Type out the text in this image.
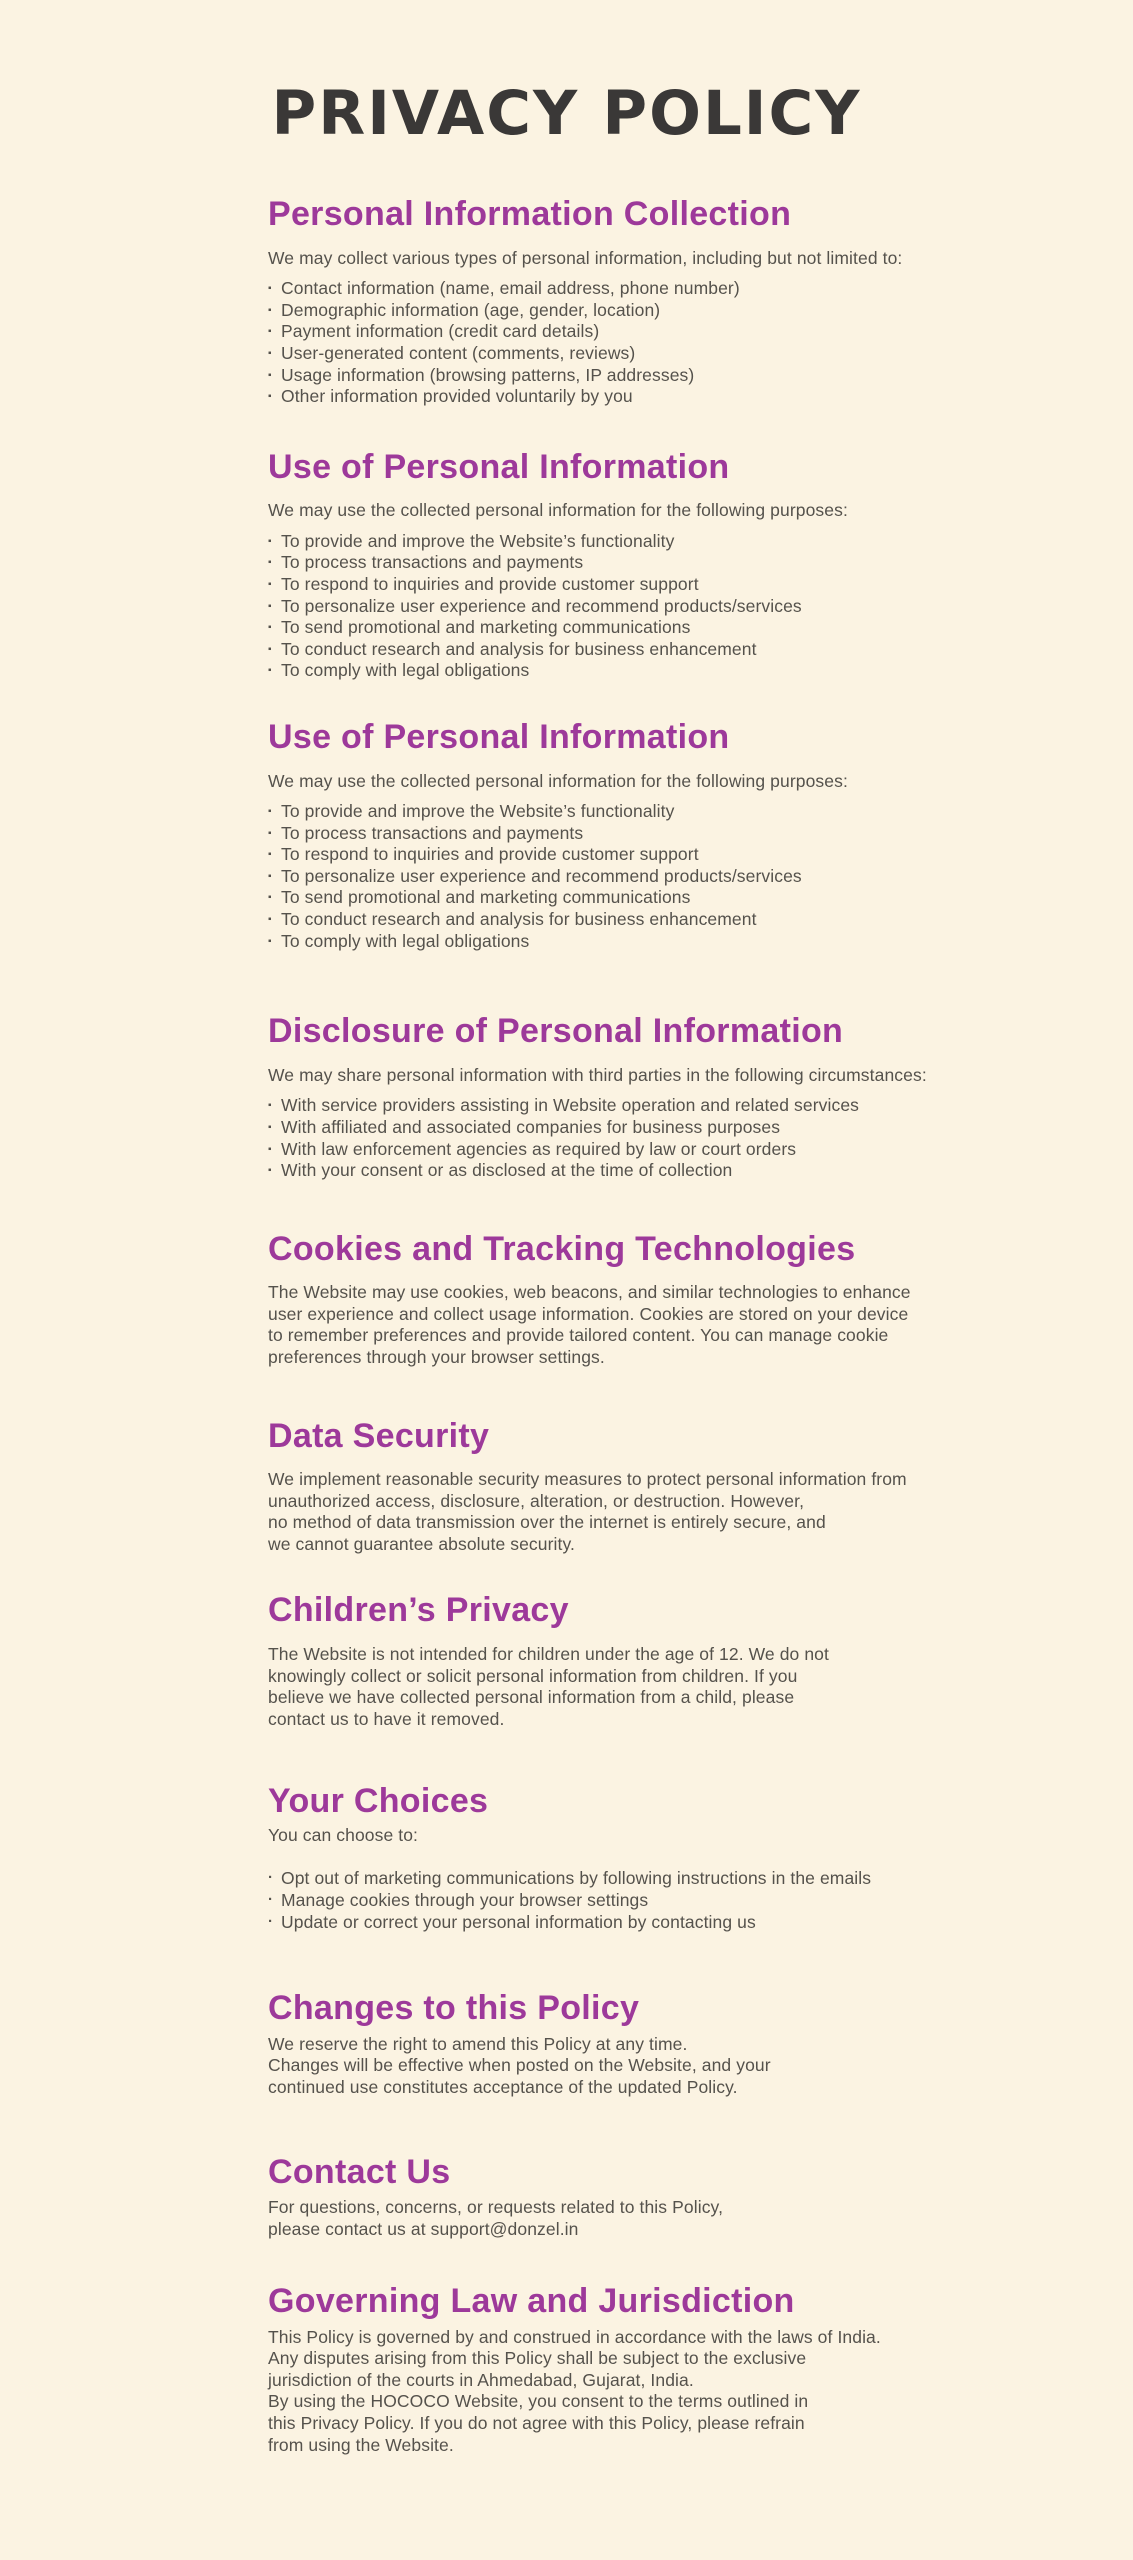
PRIVACY POLICY
Personal Information Collection

We may collect various types of personal information, including but not limited to:

▪ Contact information (name, email address, phone number)
▪ Demographic information (age, gender, location)
▪ Payment information (credit card details)
▪ User-generated content (comments, reviews)
▪ Usage information (browsing patterns, IP addresses)
▪ Other information provided voluntarily by you
Use of Personal Information

We may use the collected personal information for the following purposes:

▪ To provide and improve the Website’s functionality
▪ To process transactions and payments
▪ To respond to inquiries and provide customer support
▪ To personalize user experience and recommend products/services
▪ To send promotional and marketing communications
▪ To conduct research and analysis for business enhancement
▪ To comply with legal obligations
Use of Personal Information

We may use the collected personal information for the following purposes:

▪ To provide and improve the Website’s functionality
▪ To process transactions and payments
▪ To respond to inquiries and provide customer support
▪ To personalize user experience and recommend products/services
▪ To send promotional and marketing communications
▪ To conduct research and analysis for business enhancement
▪ To comply with legal obligations
Disclosure of Personal Information

We may share personal information with third parties in the following circumstances:

▪ With service providers assisting in Website operation and related services
▪ With affiliated and associated companies for business purposes
▪ With law enforcement agencies as required by law or court orders
▪ With your consent or as disclosed at the time of collection
Cookies and Tracking Technologies
The Website may use cookies, web beacons, and similar technologies to enhance
user experience and collect usage information. Cookies are stored on your device
to remember preferences and provide tailored content. You can manage cookie
preferences through your browser settings.
Data Security
We implement reasonable security measures to protect personal information from
unauthorized access, disclosure, alteration, or destruction. However,
no method of data transmission over the internet is entirely secure, and
we cannot guarantee absolute security.
Children’s Privacy
The Website is not intended for children under the age of 12. We do not
knowingly collect or solicit personal information from children. If you
believe we have collected personal information from a child, please
contact us to have it removed.
Your Choices

You can choose to:

· Opt out of marketing communications by following instructions in the emails
· Manage cookies through your browser settings
· Update or correct your personal information by contacting us
Changes to this Policy
We reserve the right to amend this Policy at any time.
Changes will be effective when posted on the Website, and your
continued use constitutes acceptance of the updated Policy.
Contact Us
For questions, concerns, or requests related to this Policy,
please contact us at support@donzel.in
Governing Law and Jurisdiction
This Policy is governed by and construed in accordance with the laws of India.
Any disputes arising from this Policy shall be subject to the exclusive
jurisdiction of the courts in Ahmedabad, Gujarat, India.
By using the HOCOCO Website, you consent to the terms outlined in
this Privacy Policy. If you do not agree with this Policy, please refrain
from using the Website.
